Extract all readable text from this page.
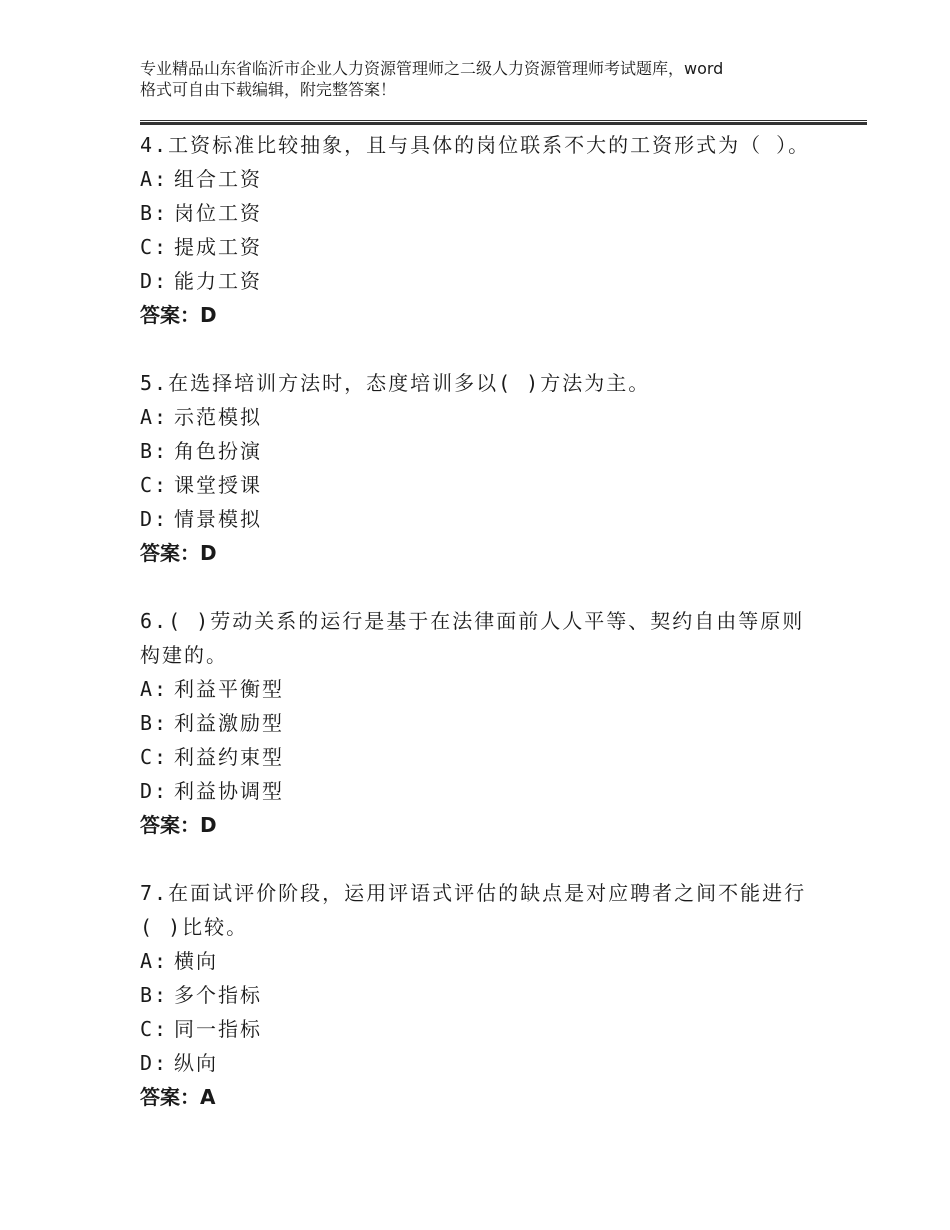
专业精品山东省临沂市企业人力资源管理师之二级人力资源管理师考试题库，word
格式可自由下载编辑，附完整答案！
4.工资标准比较抽象，且与具体的岗位联系不大的工资形式为（ ）。
A: 组合工资
B: 岗位工资
C: 提成工资
D: 能力工资
答案：D
5.在选择培训方法时，态度培训多以( )方法为主。
A: 示范模拟
B: 角色扮演
C: 课堂授课
D: 情景模拟
答案：D
6.( )劳动关系的运行是基于在法律面前人人平等、契约自由等原则构建的。
A: 利益平衡型
B: 利益激励型
C: 利益约束型
D: 利益协调型
答案：D
7.在面试评价阶段，运用评语式评估的缺点是对应聘者之间不能进行( )比较。
A: 横向
B: 多个指标
C: 同一指标
D: 纵向
答案：A
